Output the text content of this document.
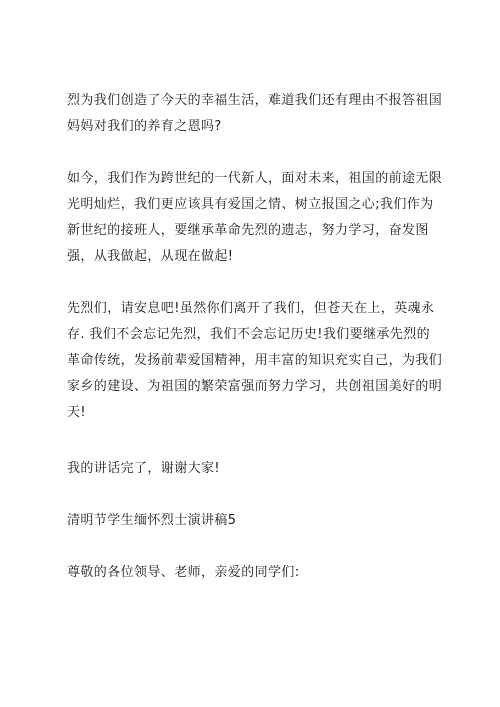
烈为我们创造了今天的幸福生活，难道我们还有理由不报答祖国
妈妈对我们的养育之恩吗?

如今，我们作为跨世纪的一代新人，面对未来，祖国的前途无限
光明灿烂，我们更应该具有爱国之情、树立报国之心;我们作为
新世纪的接班人，要继承革命先烈的遗志，努力学习，奋发图
强，从我做起，从现在做起!

先烈们，请安息吧!虽然你们离开了我们，但苍天在上，英魂永
存. 我们不会忘记先烈，我们不会忘记历史!我们要继承先烈的
革命传统，发扬前辈爱国精神，用丰富的知识充实自己，为我们
家乡的建设、为祖国的繁荣富强而努力学习，共创祖国美好的明
天!

我的讲话完了，谢谢大家!

清明节学生缅怀烈士演讲稿5

尊敬的各位领导、老师，亲爱的同学们:
